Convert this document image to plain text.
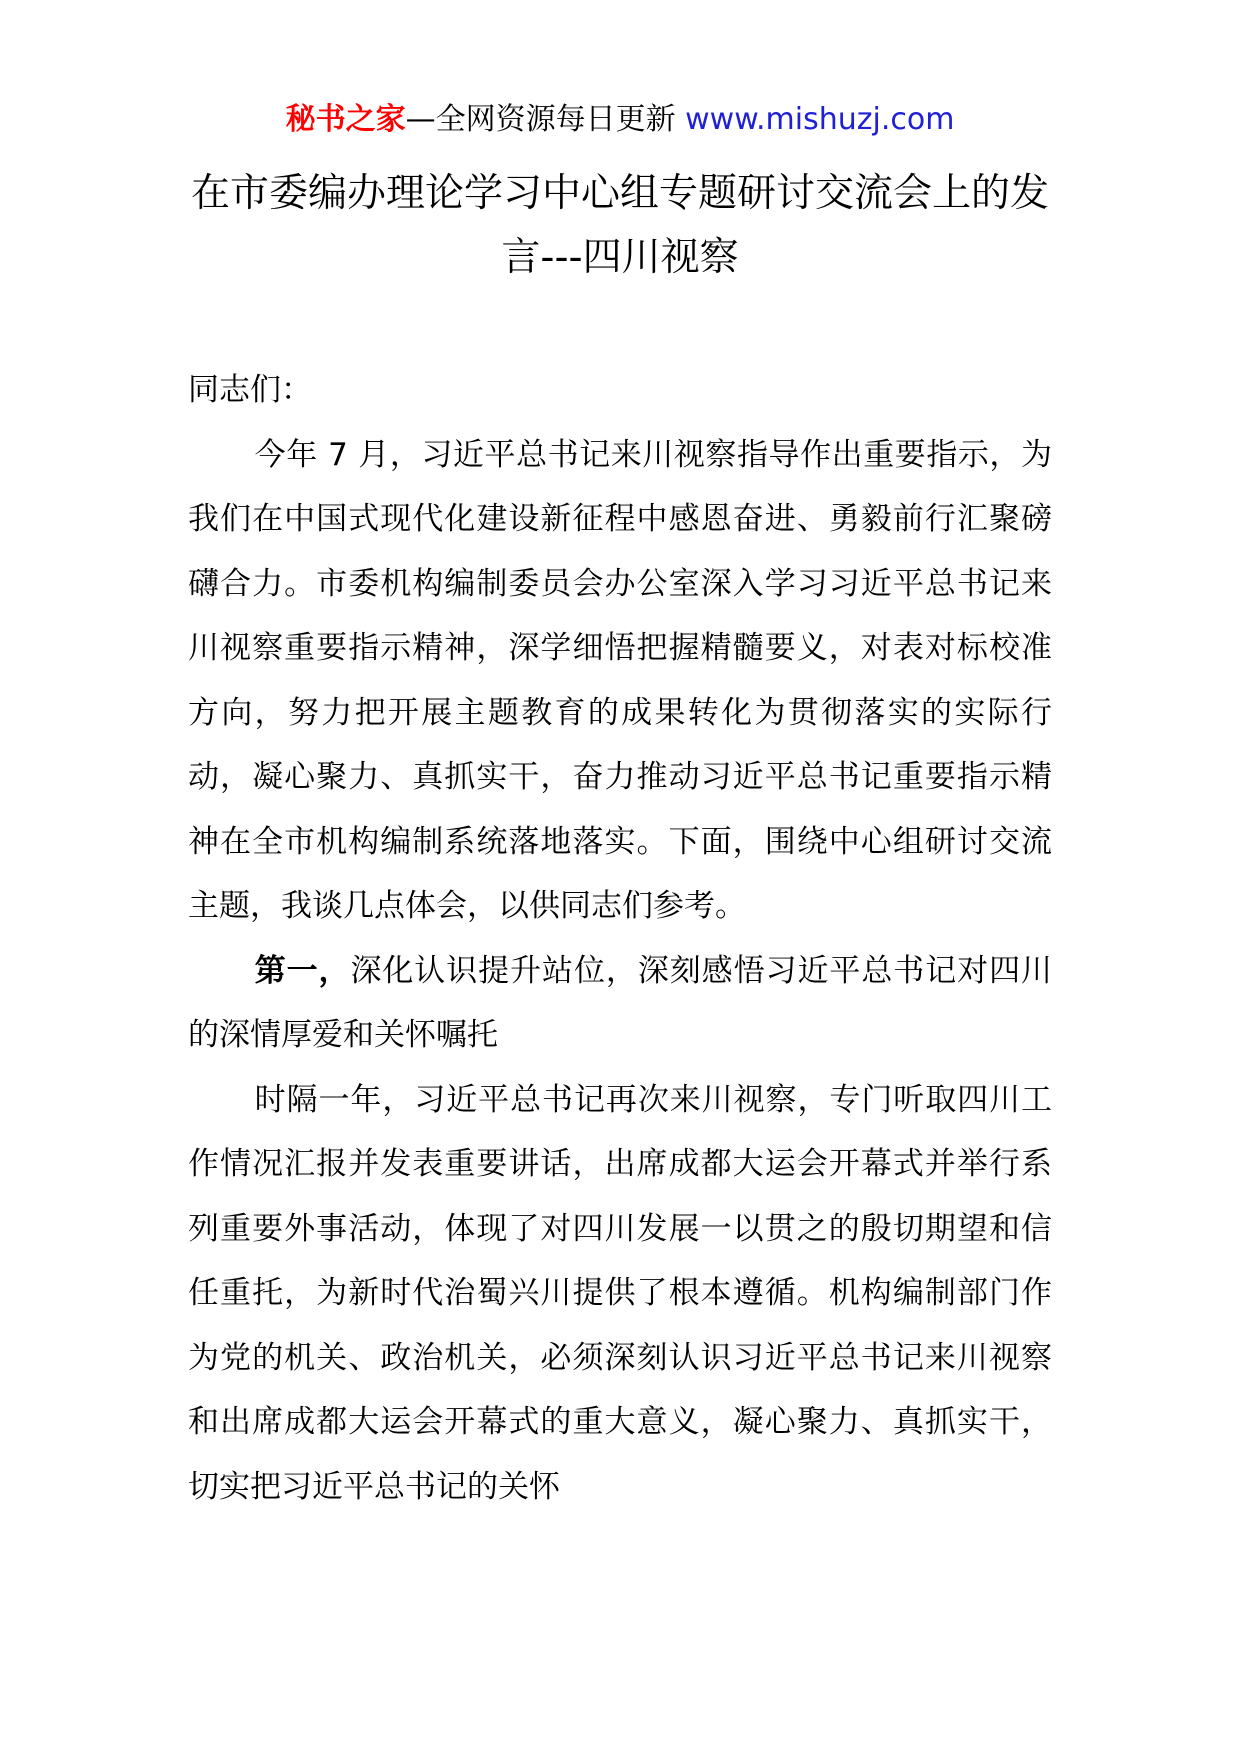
秘书之家—全网资源每日更新 www.mishuzj.com
在市委编办理论学习中心组专题研讨交流会上的发言---四川视察

同志们：

今年 7 月，习近平总书记来川视察指导作出重要指示，为我们在中国式现代化建设新征程中感恩奋进、勇毅前行汇聚磅礴合力。市委机构编制委员会办公室深入学习习近平总书记来川视察重要指示精神，深学细悟把握精髓要义，对表对标校准方向，努力把开展主题教育的成果转化为贯彻落实的实际行动，凝心聚力、真抓实干，奋力推动习近平总书记重要指示精神在全市机构编制系统落地落实。下面，围绕中心组研讨交流主题，我谈几点体会，以供同志们参考。

第一，深化认识提升站位，深刻感悟习近平总书记对四川的深情厚爱和关怀嘱托

时隔一年，习近平总书记再次来川视察，专门听取四川工作情况汇报并发表重要讲话，出席成都大运会开幕式并举行系列重要外事活动，体现了对四川发展一以贯之的殷切期望和信任重托，为新时代治蜀兴川提供了根本遵循。机构编制部门作为党的机关、政治机关，必须深刻认识习近平总书记来川视察和出席成都大运会开幕式的重大意义，凝心聚力、真抓实干，切实把习近平总书记的关怀
